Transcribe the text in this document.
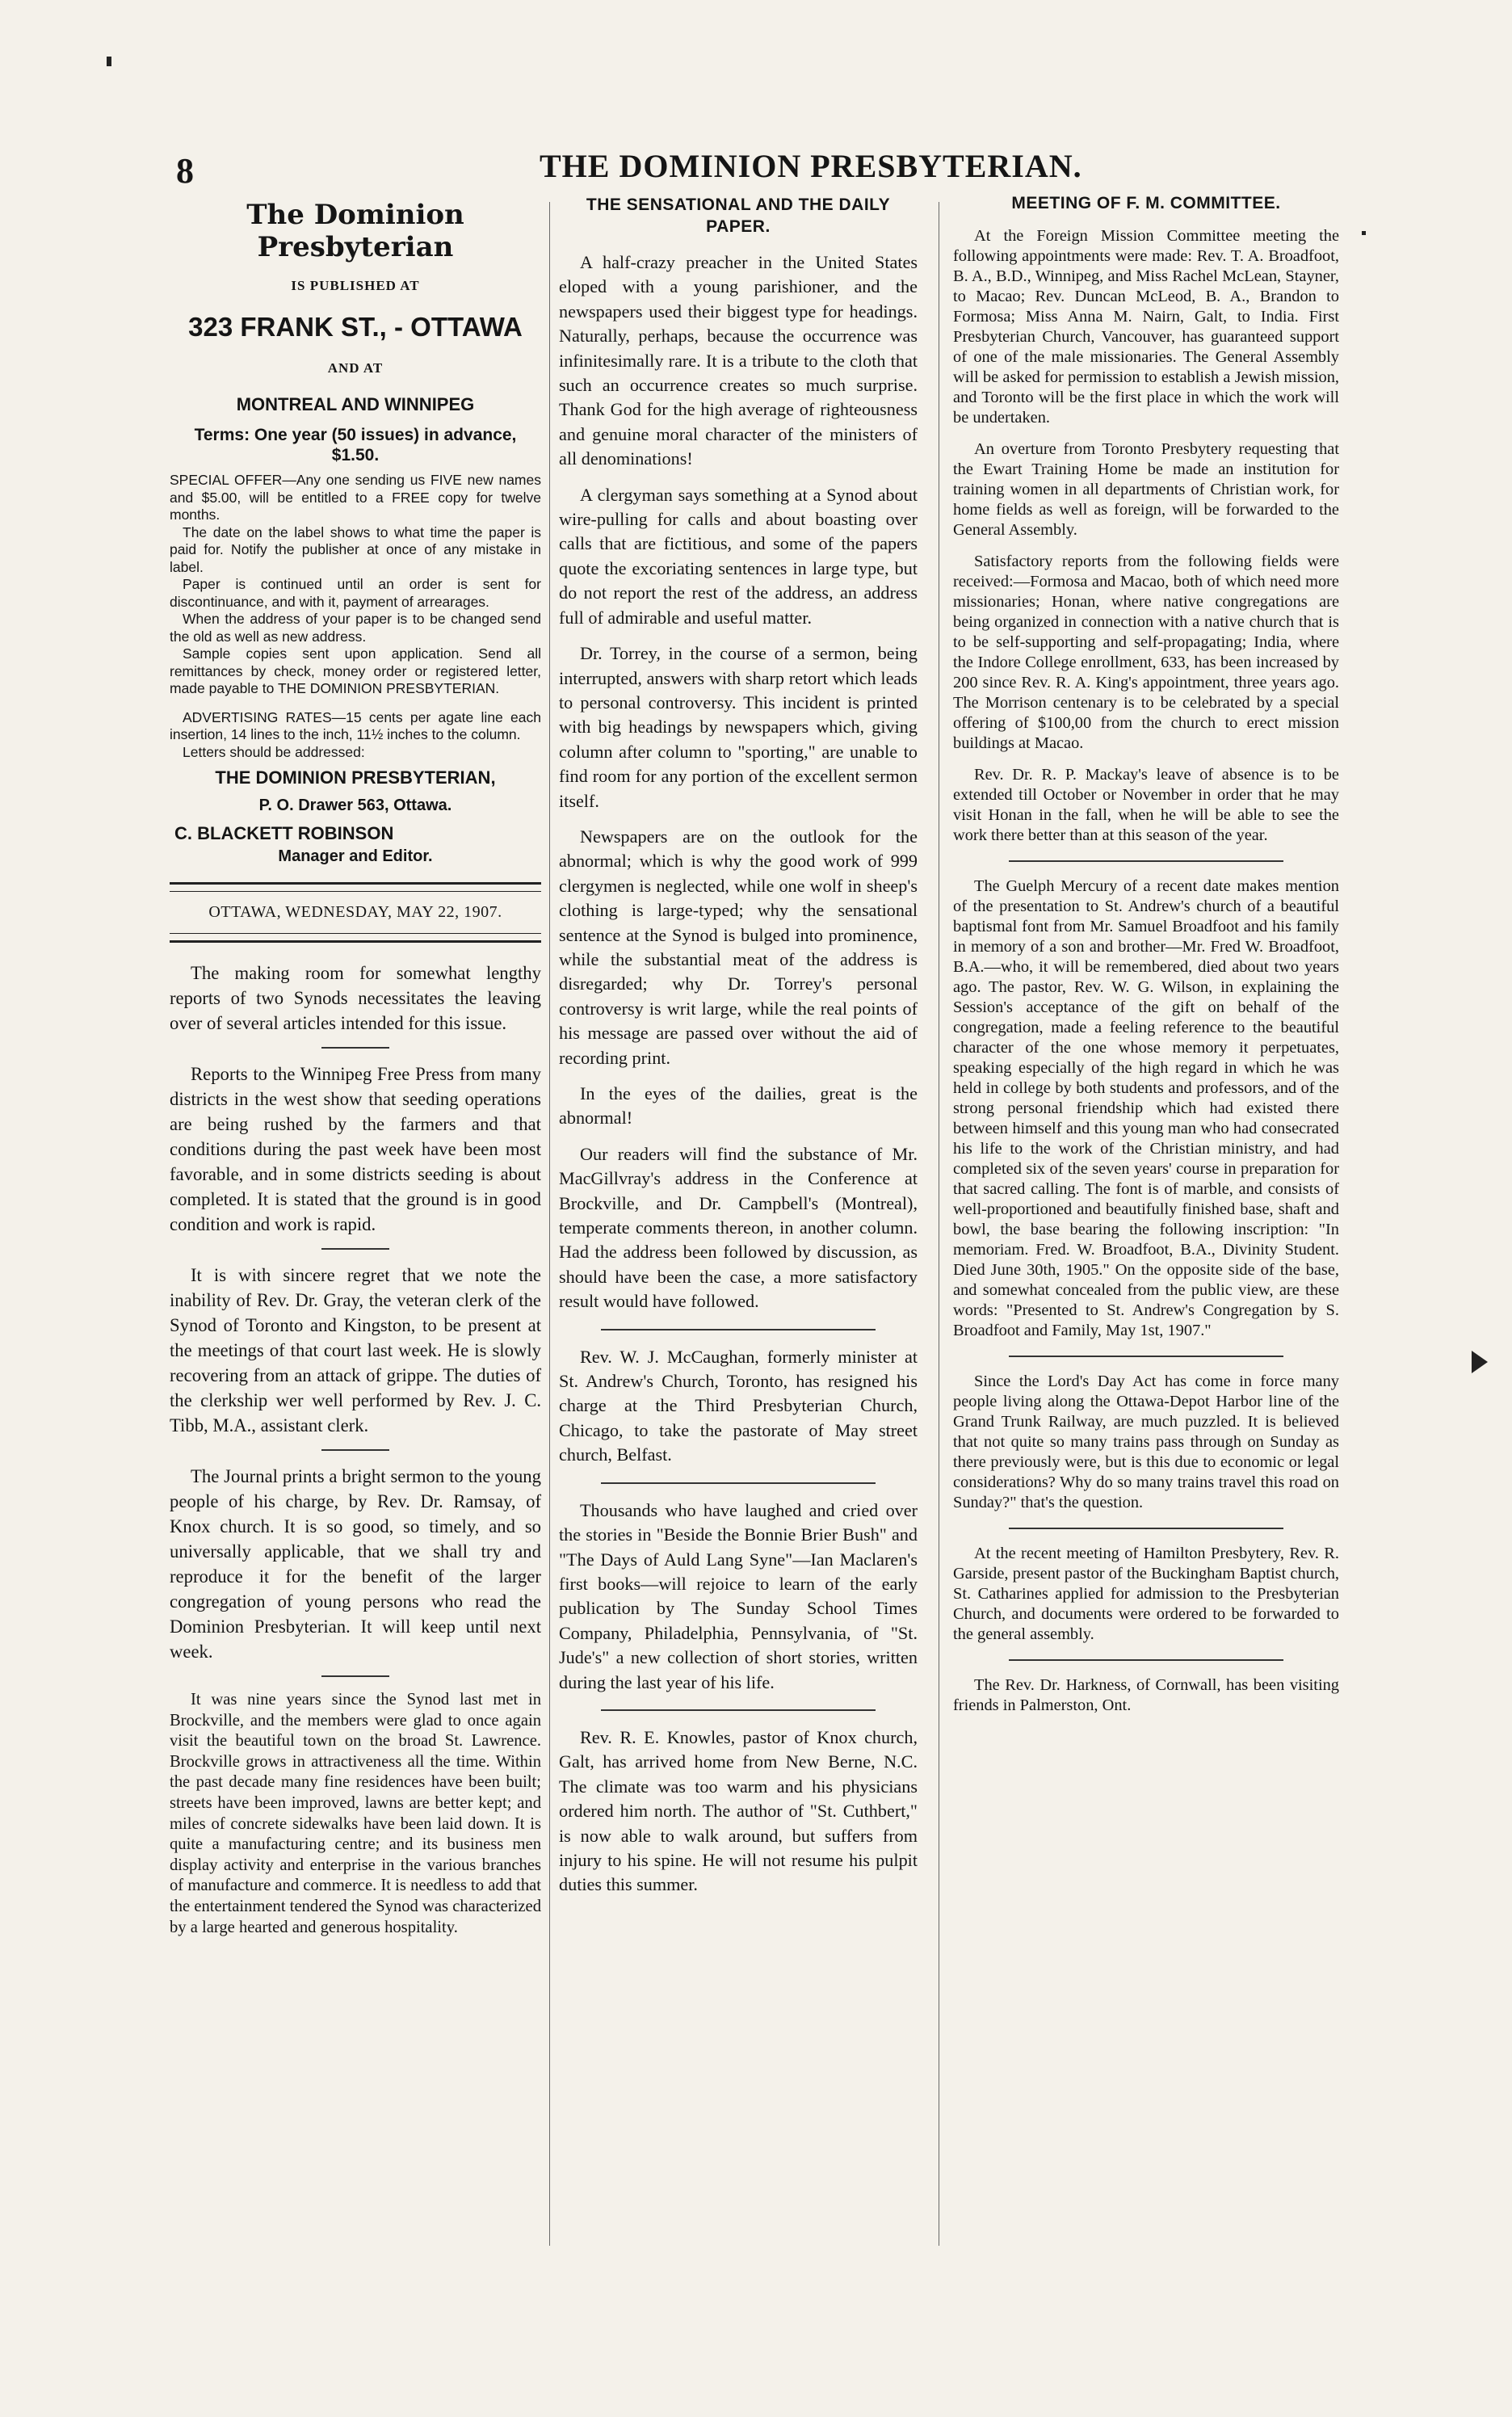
8	THE DOMINION PRESBYTERIAN.
The Dominion Presbyterian
IS PUBLISHED AT
323 FRANK ST., - OTTAWA
AND AT
MONTREAL AND WINNIPEG
Terms: One year (50 issues) in advance, $1.50.

SPECIAL OFFER—Any one sending us FIVE new names and $5.00, will be entitled to a FREE copy for twelve months.

The date on the label shows to what time the paper is paid for. Notify the publisher at once of any mistake in label.

Paper is continued until an order is sent for discontinuance, and with it, payment of arrearages.

When the address of your paper is to be changed send the old as well as new address.

Sample copies sent upon application. Send all remittances by check, money order or registered letter, made payable to THE DOMINION PRESBYTERIAN.

ADVERTISING RATES—15 cents per agate line each insertion, 14 lines to the inch, 11½ inches to the column.

Letters should be addressed:

THE DOMINION PRESBYTERIAN,
P. O. Drawer 563, Ottawa.
C. BLACKETT ROBINSON
Manager and Editor.
OTTAWA, WEDNESDAY, MAY 22, 1907.

The making room for somewhat lengthy reports of two Synods necessitates the leaving over of several articles intended for this issue.

Reports to the Winnipeg Free Press from many districts in the west show that seeding operations are being rushed by the farmers and that conditions during the past week have been most favorable, and in some districts seeding is about completed. It is stated that the ground is in good condition and work is rapid.

It is with sincere regret that we note the inability of Rev. Dr. Gray, the veteran clerk of the Synod of Toronto and Kingston, to be present at the meetings of that court last week. He is slowly recovering from an attack of grippe. The duties of the clerkship wer well performed by Rev. J. C. Tibb, M.A., assistant clerk.

The Journal prints a bright sermon to the young people of his charge, by Rev. Dr. Ramsay, of Knox church. It is so good, so timely, and so universally applicable, that we shall try and reproduce it for the benefit of the larger congregation of young persons who read the Dominion Presbyterian. It will keep until next week.

It was nine years since the Synod last met in Brockville, and the members were glad to once again visit the beautiful town on the broad St. Lawrence. Brockville grows in attractiveness all the time. Within the past decade many fine residences have been built; streets have been improved, lawns are better kept; and miles of concrete sidewalks have been laid down. It is quite a manufacturing centre; and its business men display activity and enterprise in the various branches of manufacture and commerce. It is needless to add that the entertainment tendered the Synod was characterized by a large hearted and generous hospitality.

THE SENSATIONAL AND THE DAILY PAPER.

A half-crazy preacher in the United States eloped with a young parishioner, and the newspapers used their biggest type for headings. Naturally, perhaps, because the occurrence was infinitesimally rare. It is a tribute to the cloth that such an occurrence creates so much surprise. Thank God for the high average of righteousness and genuine moral character of the ministers of all denominations!

A clergyman says something at a Synod about wire-pulling for calls and about boasting over calls that are fictitious, and some of the papers quote the excoriating sentences in large type, but do not report the rest of the address, an address full of admirable and useful matter.

Dr. Torrey, in the course of a sermon, being interrupted, answers with sharp retort which leads to personal controversy. This incident is printed with big headings by newspapers which, giving column after column to "sporting," are unable to find room for any portion of the excellent sermon itself.

Newspapers are on the outlook for the abnormal; which is why the good work of 999 clergymen is neglected, while one wolf in sheep's clothing is large-typed; why the sensational sentence at the Synod is bulged into prominence, while the substantial meat of the address is disregarded; why Dr. Torrey's personal controversy is writ large, while the real points of his message are passed over without the aid of recording print.

In the eyes of the dailies, great is the abnormal!

Our readers will find the substance of Mr. MacGillvray's address in the Conference at Brockville, and Dr. Campbell's (Montreal), temperate comments thereon, in another column. Had the address been followed by discussion, as should have been the case, a more satisfactory result would have followed.

Rev. W. J. McCaughan, formerly minister at St. Andrew's Church, Toronto, has resigned his charge at the Third Presbyterian Church, Chicago, to take the pastorate of May street church, Belfast.

Thousands who have laughed and cried over the stories in "Beside the Bonnie Brier Bush" and "The Days of Auld Lang Syne"—Ian Maclaren's first books—will rejoice to learn of the early publication by The Sunday School Times Company, Philadelphia, Pennsylvania, of "St. Jude's" a new collection of short stories, written during the last year of his life.

Rev. R. E. Knowles, pastor of Knox church, Galt, has arrived home from New Berne, N.C. The climate was too warm and his physicians ordered him north. The author of "St. Cuthbert," is now able to walk around, but suffers from injury to his spine. He will not resume his pulpit duties this summer.

MEETING OF F. M. COMMITTEE.

At the Foreign Mission Committee meeting the following appointments were made: Rev. T. A. Broadfoot, B. A., B.D., Winnipeg, and Miss Rachel McLean, Stayner, to Macao; Rev. Duncan McLeod, B. A., Brandon to Formosa; Miss Anna M. Nairn, Galt, to India. First Presbyterian Church, Vancouver, has guaranteed support of one of the male missionaries. The General Assembly will be asked for permission to establish a Jewish mission, and Toronto will be the first place in which the work will be undertaken.

An overture from Toronto Presbytery requesting that the Ewart Training Home be made an institution for training women in all departments of Christian work, for home fields as well as foreign, will be forwarded to the General Assembly.

Satisfactory reports from the following fields were received:—Formosa and Macao, both of which need more missionaries; Honan, where native congregations are being organized in connection with a native church that is to be self-supporting and self-propagating; India, where the Indore College enrollment, 633, has been increased by 200 since Rev. R. A. King's appointment, three years ago. The Morrison centenary is to be celebrated by a special offering of $100,00 from the church to erect mission buildings at Macao.

Rev. Dr. R. P. Mackay's leave of absence is to be extended till October or November in order that he may visit Honan in the fall, when he will be able to see the work there better than at this season of the year.

The Guelph Mercury of a recent date makes mention of the presentation to St. Andrew's church of a beautiful baptismal font from Mr. Samuel Broadfoot and his family in memory of a son and brother—Mr. Fred W. Broadfoot, B.A.—who, it will be remembered, died about two years ago. The pastor, Rev. W. G. Wilson, in explaining the Session's acceptance of the gift on behalf of the congregation, made a feeling reference to the beautiful character of the one whose memory it perpetuates, speaking especially of the high regard in which he was held in college by both students and professors, and of the strong personal friendship which had existed there between himself and this young man who had consecrated his life to the work of the Christian ministry, and had completed six of the seven years' course in preparation for that sacred calling. The font is of marble, and consists of well-proportioned and beautifully finished base, shaft and bowl, the base bearing the following inscription: "In memoriam. Fred. W. Broadfoot, B.A., Divinity Student. Died June 30th, 1905." On the opposite side of the base, and somewhat concealed from the public view, are these words: "Presented to St. Andrew's Congregation by S. Broadfoot and Family, May 1st, 1907."

Since the Lord's Day Act has come in force many people living along the Ottawa-Depot Harbor line of the Grand Trunk Railway, are much puzzled. It is believed that not quite so many trains pass through on Sunday as there previously were, but is this due to economic or legal considerations? Why do so many trains travel this road on Sunday?" that's the question.

At the recent meeting of Hamilton Presbytery, Rev. R. Garside, present pastor of the Buckingham Baptist church, St. Catharines applied for admission to the Presbyterian Church, and documents were ordered to be forwarded to the general assembly.

The Rev. Dr. Harkness, of Cornwall, has been visiting friends in Palmerston, Ont.
